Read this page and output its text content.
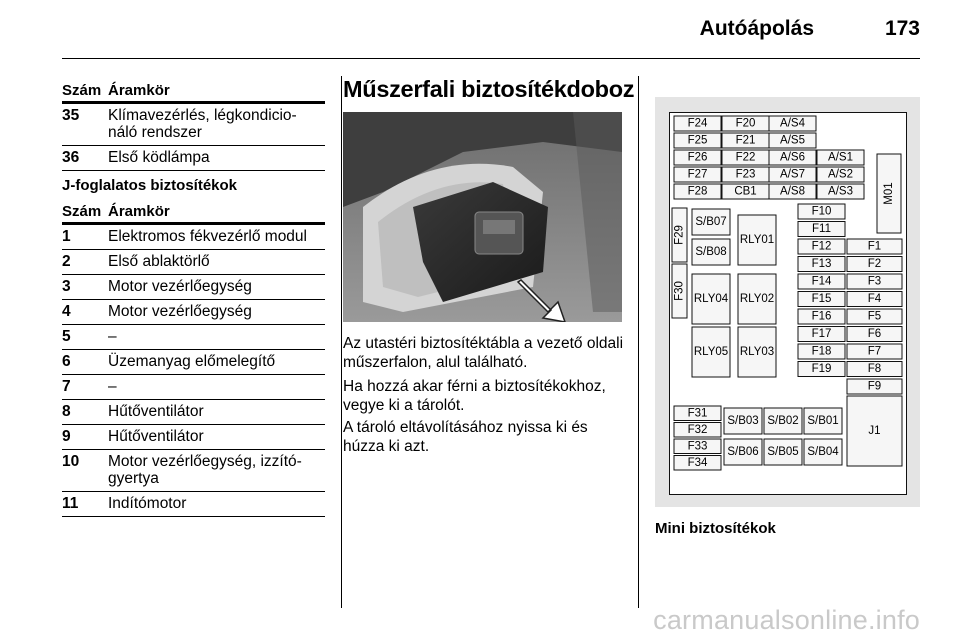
Autóápolás	173
Szám Áramkör
35	Klímavezérlés, légkondicio-
náló rendszer
36	Első ködlámpa
J-foglalatos biztosítékok
Szám Áramkör
1	Elektromos fékvezérlő modul
2	Első ablaktörlő
3	Motor vezérlőegység
4	Motor vezérlőegység
5	–
6	Üzemanyag előmelegítő
7	–
8	Hűtőventilátor
9	Hűtőventilátor
10	Motor vezérlőegység, izzító-
gyertya
11	Indítómotor
Műszerfali biztosítékdoboz
Az utastéri biztosítéktábla a vezető oldali műszerfalon, alul található.
Ha hozzá akar férni a biztosítékokhoz, vegye ki a tárolót.
A tároló eltávolításához nyissa ki és húzza ki azt.
F24 F20 A/S4
F25 F21 A/S5
F26 F22 A/S6 A/S1
F27 F23 A/S7 A/S2
F28 CB1 A/S8 A/S3	M01
F29
F30
S/B07
S/B08
RLY01
RLY04 RLY02
RLY05 RLY03
F10
F11
F12	F1
F13	F2
F14	F3
F15	F4
F16	F5
F17	F6
F18	F7
F19	F8
F9
F31
F32
F33
F34
S/B03 S/B02 S/B01
S/B06 S/B05 S/B04
J1
Mini biztosítékok
carmanualsonline.info
